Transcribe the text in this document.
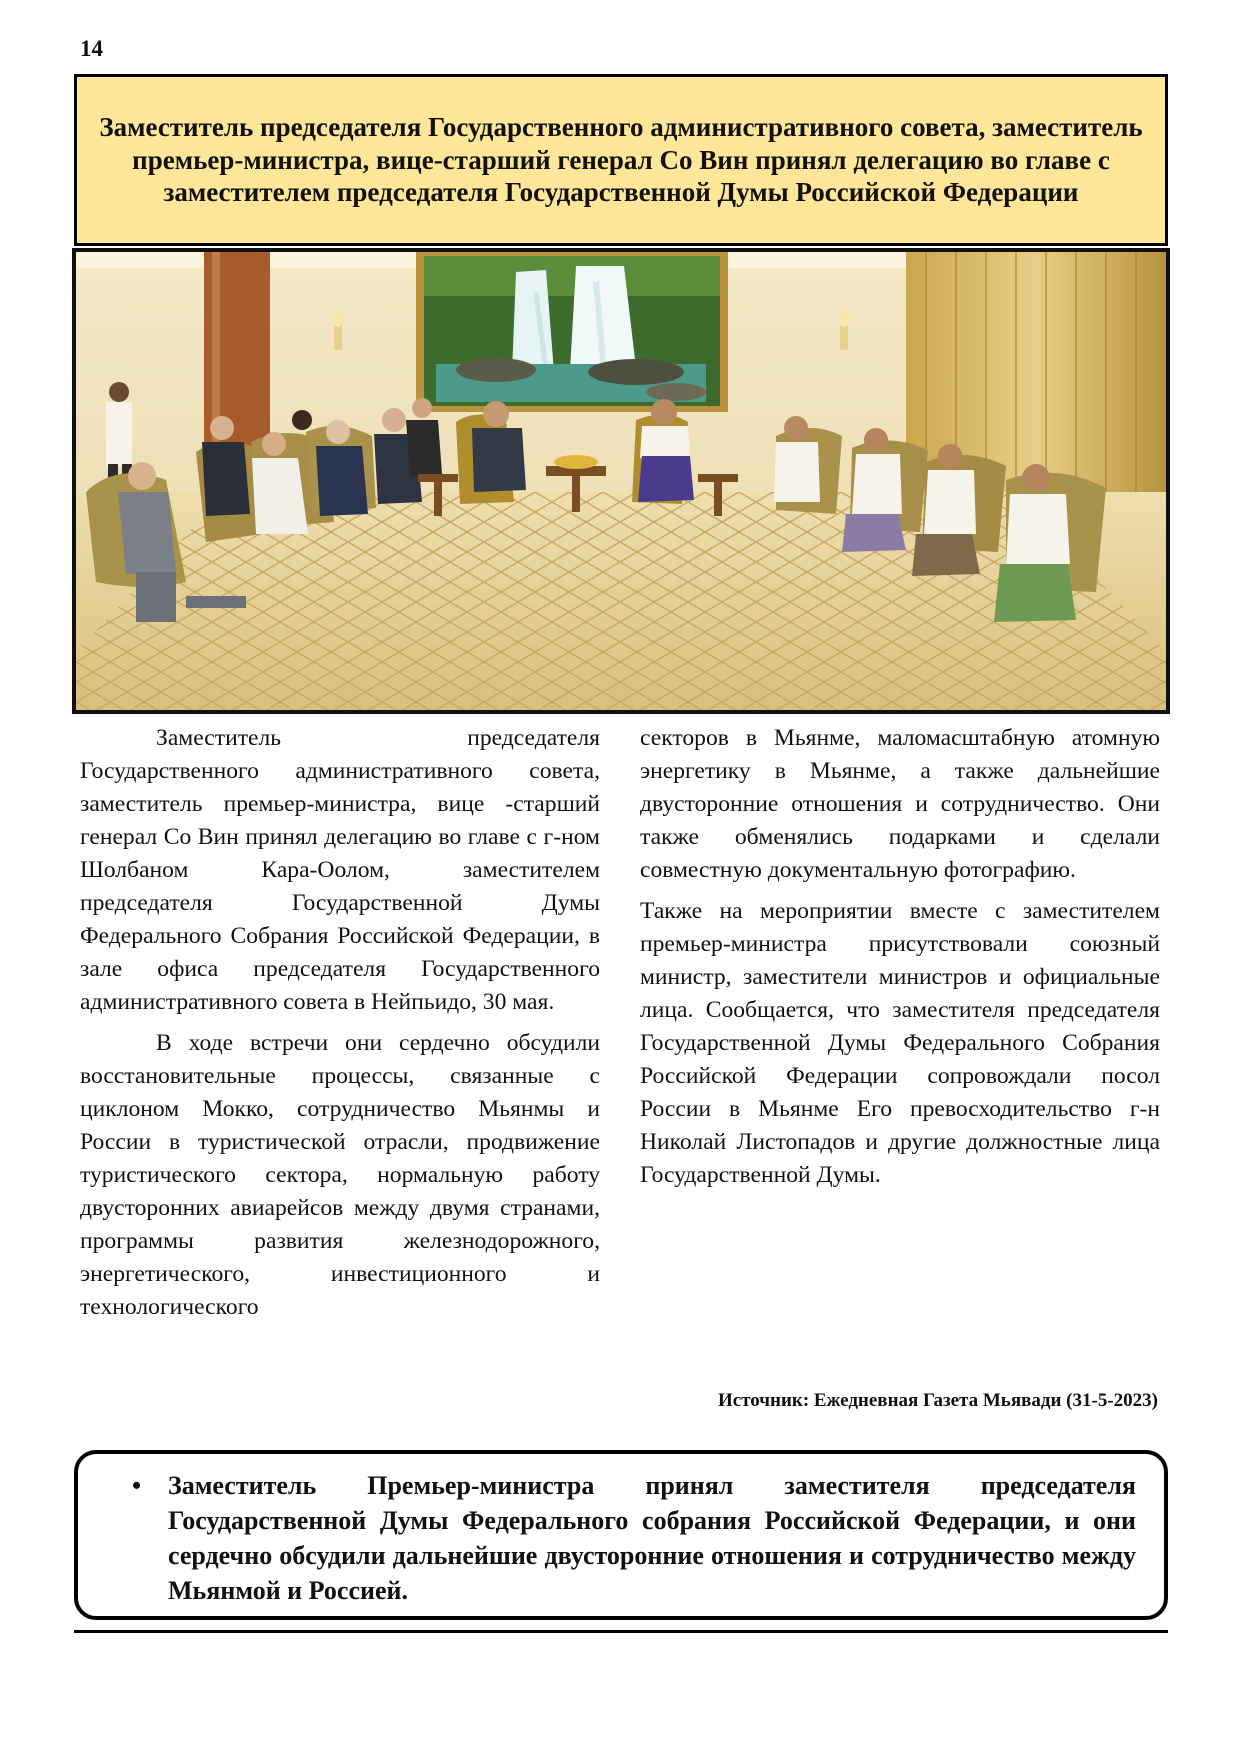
14
Заместитель председателя Государственного административного совета, заместитель премьер-министра, вице-старший генерал Со Вин принял делегацию во главе с заместителем председателя Государственной Думы Российской Федерации

Заместитель председателя Государственного административного совета, заместитель премьер-министра, вице -старший генерал Со Вин принял делегацию во главе с г-ном Шолбаном Кара-Оолом, заместителем председателя Государственной Думы Федерального Собрания Российской Федерации, в зале офиса председателя Государственного административного совета в Нейпьидо, 30 мая.

В ходе встречи они сердечно обсудили восстановительные процессы, связанные с циклоном Мокко, сотрудничество Мьянмы и России в туристической отрасли, продвижение туристического сектора, нормальную работу двусторонних авиарейсов между двумя странами, программы развития железнодорожного, энергетического, инвестиционного и технологического

секторов в Мьянме, маломасштабную атомную энергетику в Мьянме, а также дальнейшие двусторонние отношения и сотрудничество. Они также обменялись подарками и сделали совместную документальную фотографию.

Также на мероприятии вместе с заместителем премьер-министра присутствовали союзный министр, заместители министров и официальные лица. Сообщается, что заместителя председателя Государственной Думы Федерального Собрания Российской Федерации сопровождали посол России в Мьянме Его превосходительство г-н Николай Листопадов и другие должностные лица Государственной Думы.

Источник: Ежедневная Газета Мьявади (31-5-2023)
• Заместитель Премьер-министра принял заместителя председателя Государственной Думы Федерального собрания Российской Федерации, и они сердечно обсудили дальнейшие двусторонние отношения и сотрудничество между Мьянмой и Россией.
